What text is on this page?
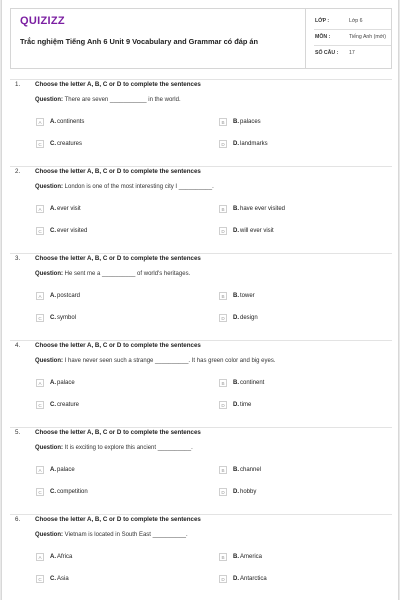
QUIZIZZ
Trắc nghiệm Tiếng Anh 6 Unit 9 Vocabulary and Grammar có đáp án
LỚP :	Lớp 6
MÔN :	Tiếng Anh (mới)
SỐ CÂU : 17
1. Choose the letter A, B, C or D to complete the sentences
Question: There are seven ___________ in the world.
A	A. continents	B	B. palaces
C	C. creatures	D	D. landmarks
2. Choose the letter A, B, C or D to complete the sentences
Question: London is one of the most interesting city I __________.
A	A. ever visit	B	B. have ever visited
C	C. ever visited	D	D. will ever visit
3. Choose the letter A, B, C or D to complete the sentences
Question: He sent me a __________ of world's heritages.
A	A. postcard	B	B. tower
C	C. symbol	D	D. design
4. Choose the letter A, B, C or D to complete the sentences
Question: I have never seen such a strange __________. It has green color and big eyes.
A	A. palace	B	B. continent
C	C. creature	D	D. time
5. Choose the letter A, B, C or D to complete the sentences
Question: It is exciting to explore this ancient __________.
A	A. palace	B	B. channel
C	C. competition	D	D. hobby
6. Choose the letter A, B, C or D to complete the sentences
Question: Vietnam is located in South East __________.
A	A. Africa	B	B. America
C	C. Asia	D	D. Antarctica
